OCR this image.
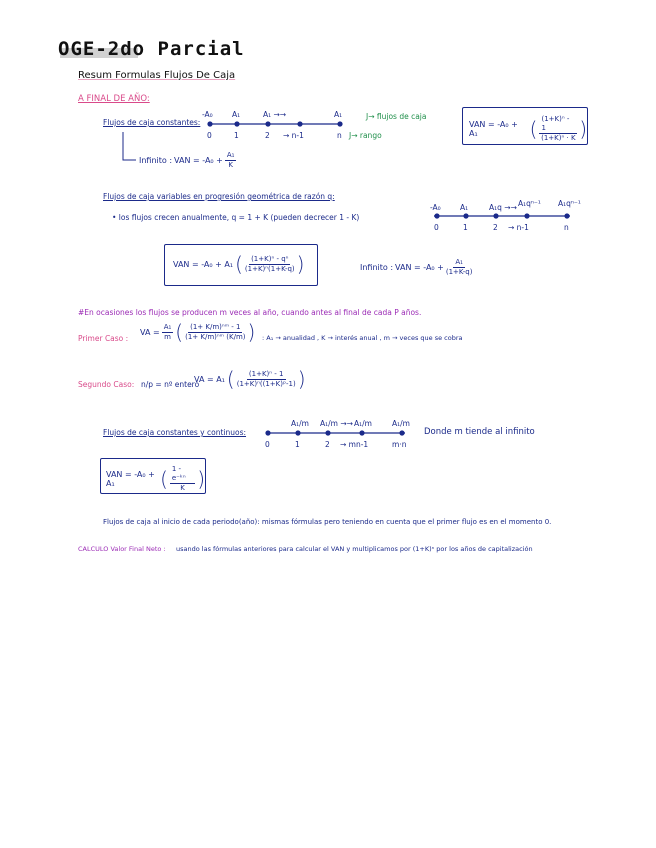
OGE-2do Parcial
Resum Formulas Flujos De Caja
A FINAL DE AÑO:
Flujos de caja constantes:
-A₀	A₁	A₁ →→	A₁
0	1	2 → n-1	n
J→ flujos de caja
J→ rango
VAN = -A₀ + A₁	( $\frac{\text{(1+K)ⁿ - 1}}{\text{(1+K)ⁿ · K}}$ )
Infinito : VAN = $-A_0 + \frac{\text{A₁}}{K}$
Flujos de caja variables en progresión geométrica de razón q:
• los flujos crecen anualmente, q = 1 + K (pueden decrecer 1 - K)
-A₀	A₁	A₁q →→ A₁qⁿ⁻¹ A₁qⁿ⁻¹
0	1	2 → n-1	n
VAN = -A₀ + A₁ ( $\frac{\text{(1+K)ⁿ - qⁿ}}{\text{(1+K)ⁿ(1+K-q)}}$ )	Infinito : VAN = $-A_0 + \frac{\text{A₁}}{(1+K-q)}$
#En ocasiones los flujos se producen m veces al año, cuando antes al final de cada P años.
Primer Caso :
VA = $\frac{\text{A₁}}{m}$ ( $\frac{\text{(1+ K/m)ⁿᵐ - 1}}{\text{(1+ K/m)ⁿᵐ (K/m)}}$ ) : A₁ → anualidad , K → interés anual , m → veces que se cobra
Segundo Caso: n/p = nº entero
VA = A₁ ( $\frac{\text{(1+K)ⁿ - 1}}{\text{(1+K)ⁿ((1+K)ᵖ-1)}}$ )
Flujos de caja constantes y continuos:
A₁/m A₁/m →→ A₁/m	A₁/m
0	1	2 → mn-1	m·n
Donde m tiende al infinito
VAN = -A₀ + A₁	( $\frac{\text{1 - e⁻ᵏⁿ}}{K}$ )
Flujos de caja al inicio de cada periodo(año): mismas fórmulas pero teniendo en cuenta que el primer flujo es en el momento 0.
CALCULO Valor Final Neto : usando las fórmulas anteriores para calcular el VAN y multiplicamos por (1+K)ⁿ por los años de capitalización
